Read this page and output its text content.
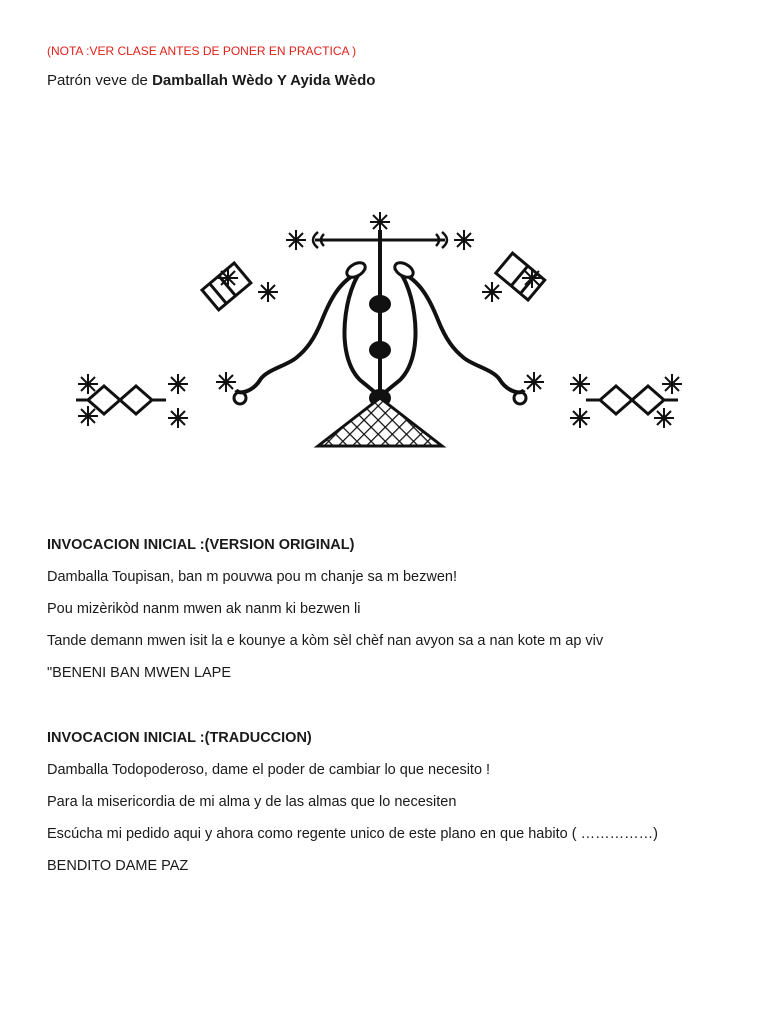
(NOTA :VER CLASE ANTES DE PONER EN PRACTICA )
Patrón veve de Damballah Wèdo Y Ayida Wèdo
INVOCACION INICIAL :(VERSION ORIGINAL)
Damballa Toupisan, ban m pouvwa pou m chanje sa m bezwen!
Pou mizèrikòd nanm mwen ak nanm ki bezwen li
Tande demann mwen isit la e kounye a kòm sèl chèf nan avyon sa a nan kote m ap viv
"BENENI BAN MWEN LAPE
INVOCACION INICIAL :(TRADUCCION)
Damballa Todopoderoso, dame el poder de cambiar lo que necesito !
Para la misericordia de mi alma y de las almas que lo necesiten
Escúcha mi pedido aqui y ahora como regente unico de este plano en que habito ( ……………)
BENDITO DAME PAZ
